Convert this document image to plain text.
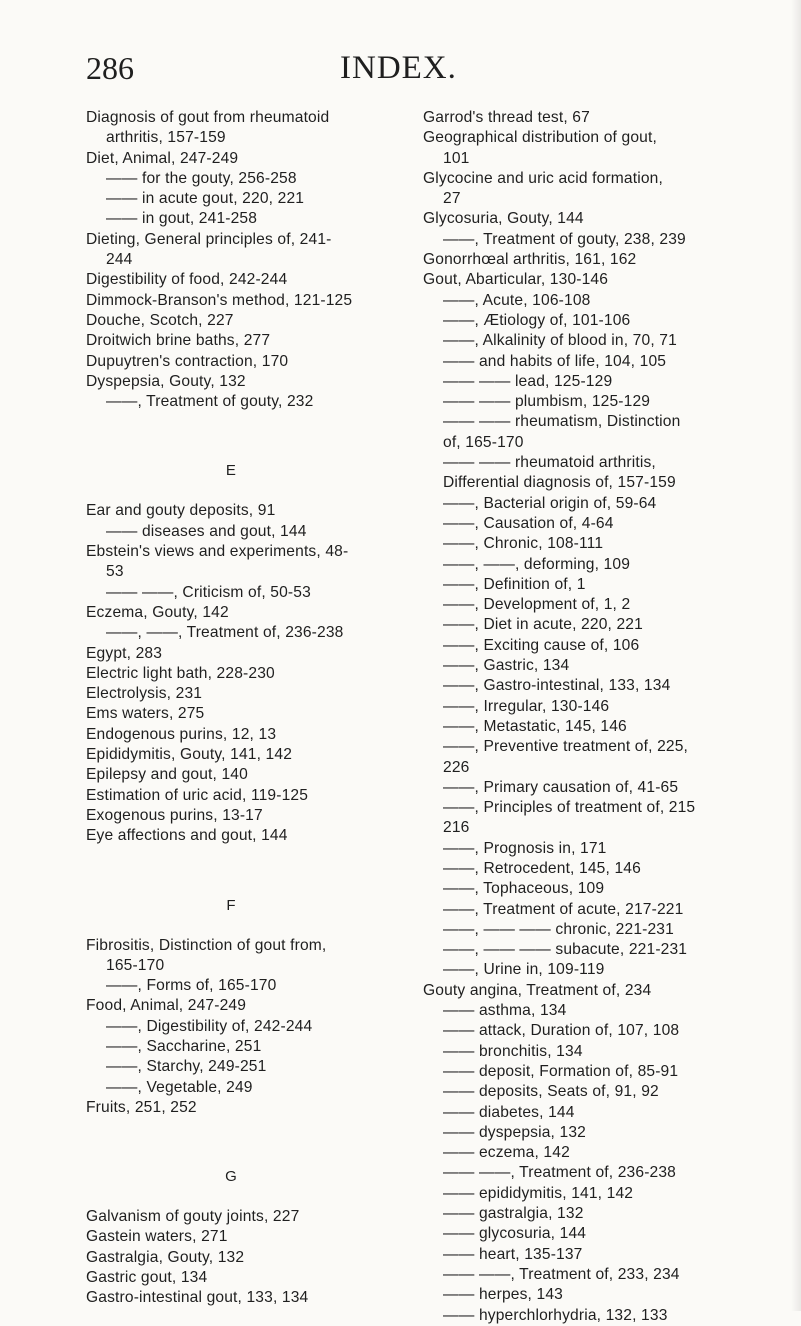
286	INDEX.
Diagnosis of gout from rheumatoid
arthritis, 157-159
Diet, Animal, 247-249
—— for the gouty, 256-258
—— in acute gout, 220, 221
—— in gout, 241-258
Dieting, General principles of, 241-
244
Digestibility of food, 242-244
Dimmock-Branson's method, 121-125
Douche, Scotch, 227
Droitwich brine baths, 277
Dupuytren's contraction, 170
Dyspepsia, Gouty, 132
——, Treatment of gouty, 232
E
Ear and gouty deposits, 91
—— diseases and gout, 144
Ebstein's views and experiments, 48-
53
—— ——, Criticism of, 50-53
Eczema, Gouty, 142
——, ——, Treatment of, 236-238
Egypt, 283
Electric light bath, 228-230
Electrolysis, 231
Ems waters, 275
Endogenous purins, 12, 13
Epididymitis, Gouty, 141, 142
Epilepsy and gout, 140
Estimation of uric acid, 119-125
Exogenous purins, 13-17
Eye affections and gout, 144
F
Fibrositis, Distinction of gout from,
165-170
——, Forms of, 165-170
Food, Animal, 247-249
——, Digestibility of, 242-244
——, Saccharine, 251
——, Starchy, 249-251
——, Vegetable, 249
Fruits, 251, 252
G
Galvanism of gouty joints, 227
Gastein waters, 271
Gastralgia, Gouty, 132
Gastric gout, 134
Gastro-intestinal gout, 133, 134
Garrod's thread test, 67
Geographical distribution of gout,
101
Glycocine and uric acid formation,
27
Glycosuria, Gouty, 144
——, Treatment of gouty, 238, 239
Gonorrhœal arthritis, 161, 162
Gout, Abarticular, 130-146
——, Acute, 106-108
——, Ætiology of, 101-106
——, Alkalinity of blood in, 70, 71
—— and habits of life, 104, 105
—— —— lead, 125-129
—— —— plumbism, 125-129
—— —— rheumatism, Distinction
of, 165-170
—— —— rheumatoid arthritis,
Differential diagnosis of, 157-159
——, Bacterial origin of, 59-64
——, Causation of, 4-64
——, Chronic, 108-111
——, ——, deforming, 109
——, Definition of, 1
——, Development of, 1, 2
——, Diet in acute, 220, 221
——, Exciting cause of, 106
——, Gastric, 134
——, Gastro-intestinal, 133, 134
——, Irregular, 130-146
——, Metastatic, 145, 146
——, Preventive treatment of, 225,
226
——, Primary causation of, 41-65
——, Principles of treatment of, 215
216
——, Prognosis in, 171
——, Retrocedent, 145, 146
——, Tophaceous, 109
——, Treatment of acute, 217-221
——, —— —— chronic, 221-231
——, —— —— subacute, 221-231
——, Urine in, 109-119
Gouty angina, Treatment of, 234
—— asthma, 134
—— attack, Duration of, 107, 108
—— bronchitis, 134
—— deposit, Formation of, 85-91
—— deposits, Seats of, 91, 92
—— diabetes, 144
—— dyspepsia, 132
—— eczema, 142
—— ——, Treatment of, 236-238
—— epididymitis, 141, 142
—— gastralgia, 132
—— glycosuria, 144
—— heart, 135-137
—— ——, Treatment of, 233, 234
—— herpes, 143
—— hyperchlorhydria, 132, 133
